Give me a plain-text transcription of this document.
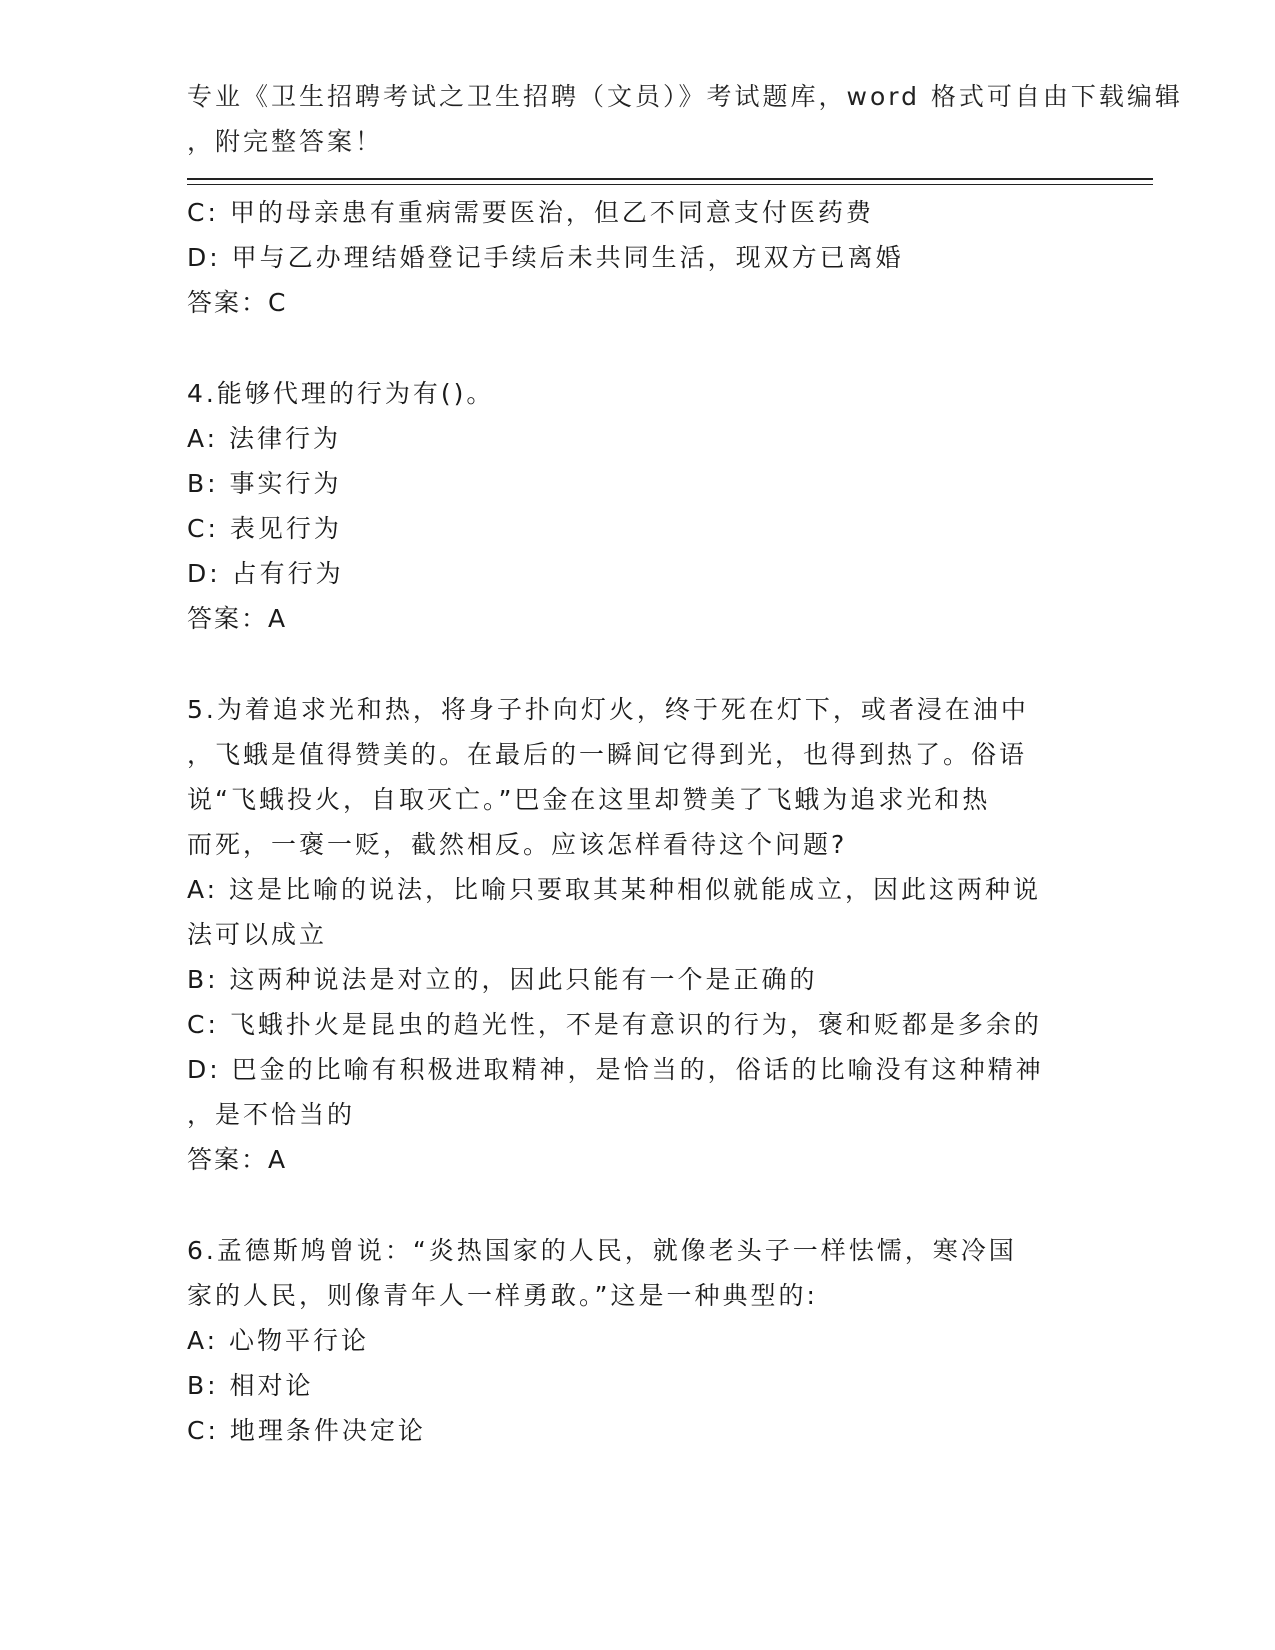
专业《卫生招聘考试之卫生招聘（文员）》考试题库，word 格式可自由下载编辑
，附完整答案！
C: 甲的母亲患有重病需要医治，但乙不同意支付医药费
D: 甲与乙办理结婚登记手续后未共同生活，现双方已离婚
答案：C
4.能够代理的行为有()。
A: 法律行为
B: 事实行为
C: 表见行为
D: 占有行为
答案：A
5.为着追求光和热，将身子扑向灯火，终于死在灯下，或者浸在油中
，飞蛾是值得赞美的。在最后的一瞬间它得到光，也得到热了。俗语
说“飞蛾投火，自取灭亡。”巴金在这里却赞美了飞蛾为追求光和热
而死，一褒一贬，截然相反。应该怎样看待这个问题?
A: 这是比喻的说法，比喻只要取其某种相似就能成立，因此这两种说
法可以成立
B: 这两种说法是对立的，因此只能有一个是正确的
C: 飞蛾扑火是昆虫的趋光性，不是有意识的行为，褒和贬都是多余的
D: 巴金的比喻有积极进取精神，是恰当的，俗话的比喻没有这种精神
，是不恰当的
答案：A
6.孟德斯鸠曾说：“炎热国家的人民，就像老头子一样怯懦，寒冷国
家的人民，则像青年人一样勇敢。”这是一种典型的:
A: 心物平行论
B: 相对论
C: 地理条件决定论
